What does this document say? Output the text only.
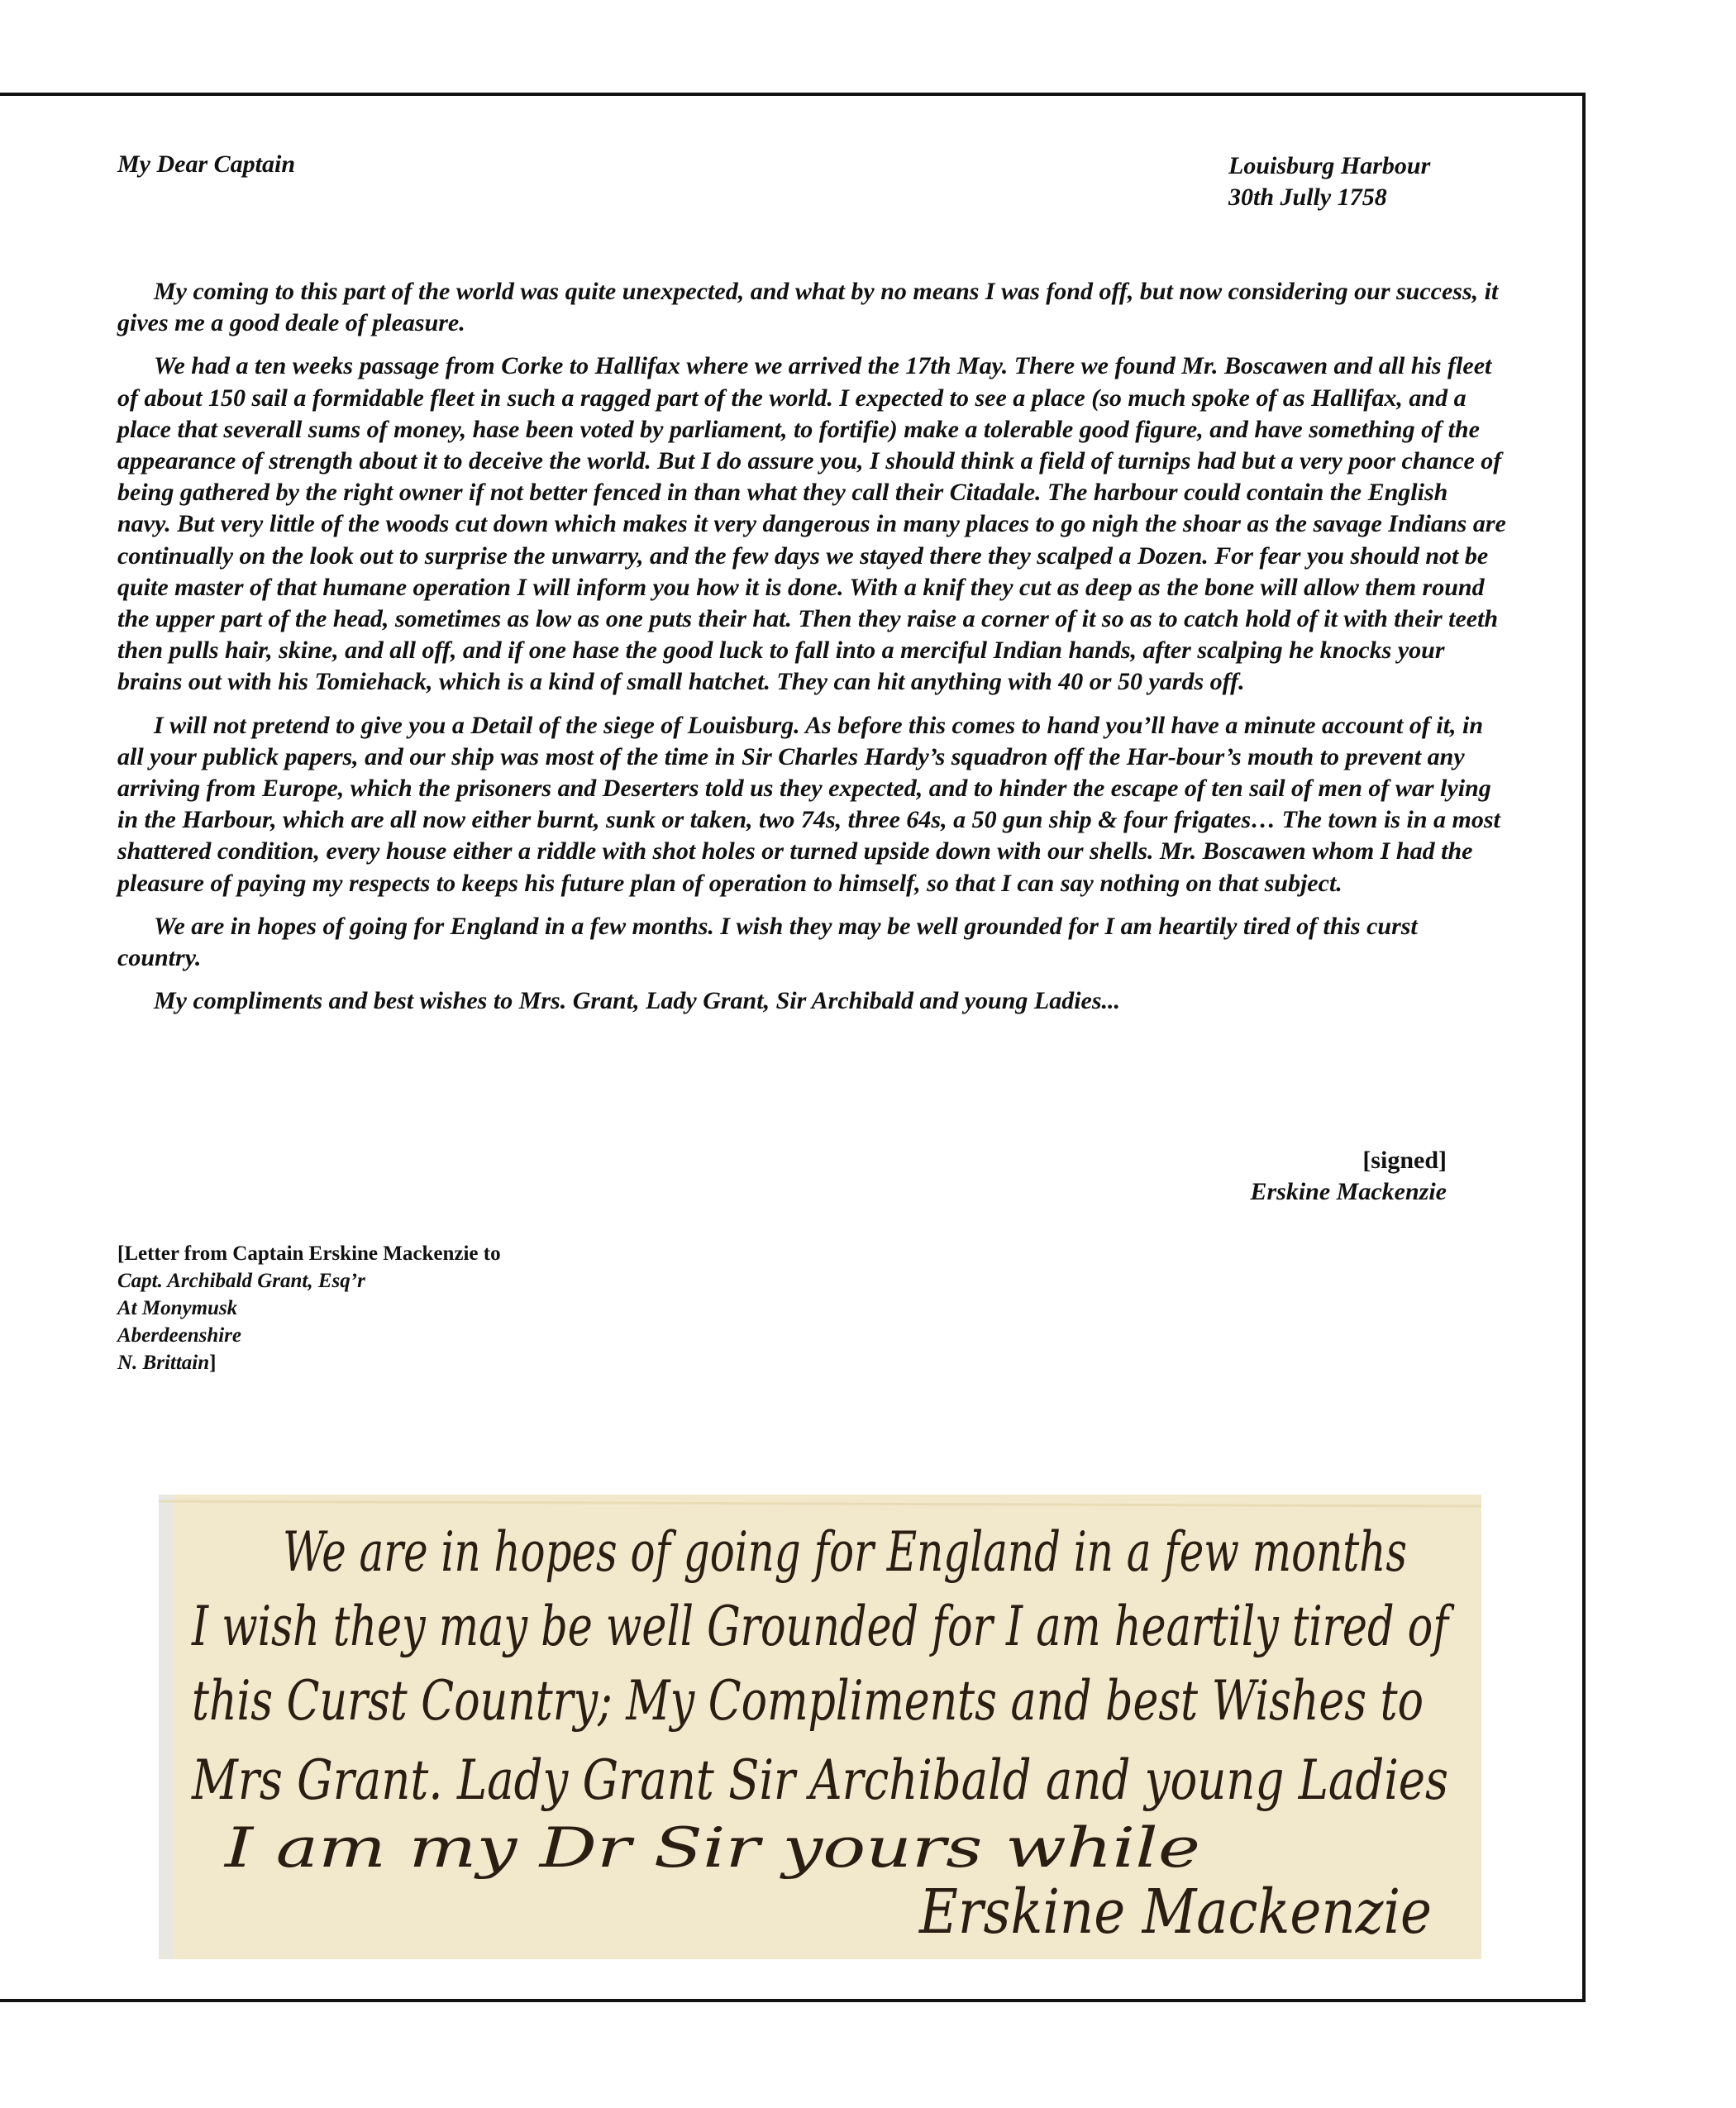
My Dear Captain	Louisburg Harbour
30th Jully 1758

My coming to this part of the world was quite unexpected, and what by no means I was fond off, but now considering our success, it gives me a good deale of pleasure.

We had a ten weeks passage from Corke to Hallifax where we arrived the 17th May. There we found Mr. Boscawen and all his fleet of about 150 sail a formidable fleet in such a ragged part of the world. I expected to see a place (so much spoke of as Hallifax, and a place that severall sums of money, hase been voted by parliament, to fortifie) make a tolerable good figure, and have something of the appearance of strength about it to deceive the world. But I do assure you, I should think a field of turnips had but a very poor chance of being gathered by the right owner if not better fenced in than what they call their Citadale. The harbour could contain the English navy. But very little of the woods cut down which makes it very dangerous in many places to go nigh the shoar as the savage Indians are continually on the look out to surprise the unwarry, and the few days we stayed there they scalped a Dozen. For fear you should not be quite master of that humane operation I will inform you how it is done. With a knif they cut as deep as the bone will allow them round the upper part of the head, sometimes as low as one puts their hat. Then they raise a corner of it so as to catch hold of it with their teeth then pulls hair, skine, and all off, and if one hase the good luck to fall into a merciful Indian hands, after scalping he knocks your brains out with his Tomiehack, which is a kind of small hatchet. They can hit anything with 40 or 50 yards off.

I will not pretend to give you a Detail of the siege of Louisburg. As before this comes to hand you’ll have a minute account of it, in all your publick papers, and our ship was most of the time in Sir Charles Hardy’s squadron off the Har-bour’s mouth to prevent any arriving from Europe, which the prisoners and Deserters told us they expected, and to hinder the escape of ten sail of men of war lying in the Harbour, which are all now either burnt, sunk or taken, two 74s, three 64s, a 50 gun ship & four frigates… The town is in a most shattered condition, every house either a riddle with shot holes or turned upside down with our shells. Mr. Boscawen whom I had the pleasure of paying my respects to keeps his future plan of operation to himself, so that I can say nothing on that subject.

We are in hopes of going for England in a few months. I wish they may be well grounded for I am heartily tired of this curst country.

My compliments and best wishes to Mrs. Grant, Lady Grant, Sir Archibald and young Ladies...

[signed]
Erskine Mackenzie
[Letter from Captain Erskine Mackenzie to
Capt. Archibald Grant, Esq’r
At Monymusk
Aberdeenshire
N. Brittain]
We are in hopes of going for England in a few months
I wish they may be well Grounded for I am heartily tired of
this Curst Country; My Compliments and best Wishes to
Mrs Grant. Lady Grant Sir Archibald and young Ladies
I am my Dr Sir yours while
Erskine Mackenzie
